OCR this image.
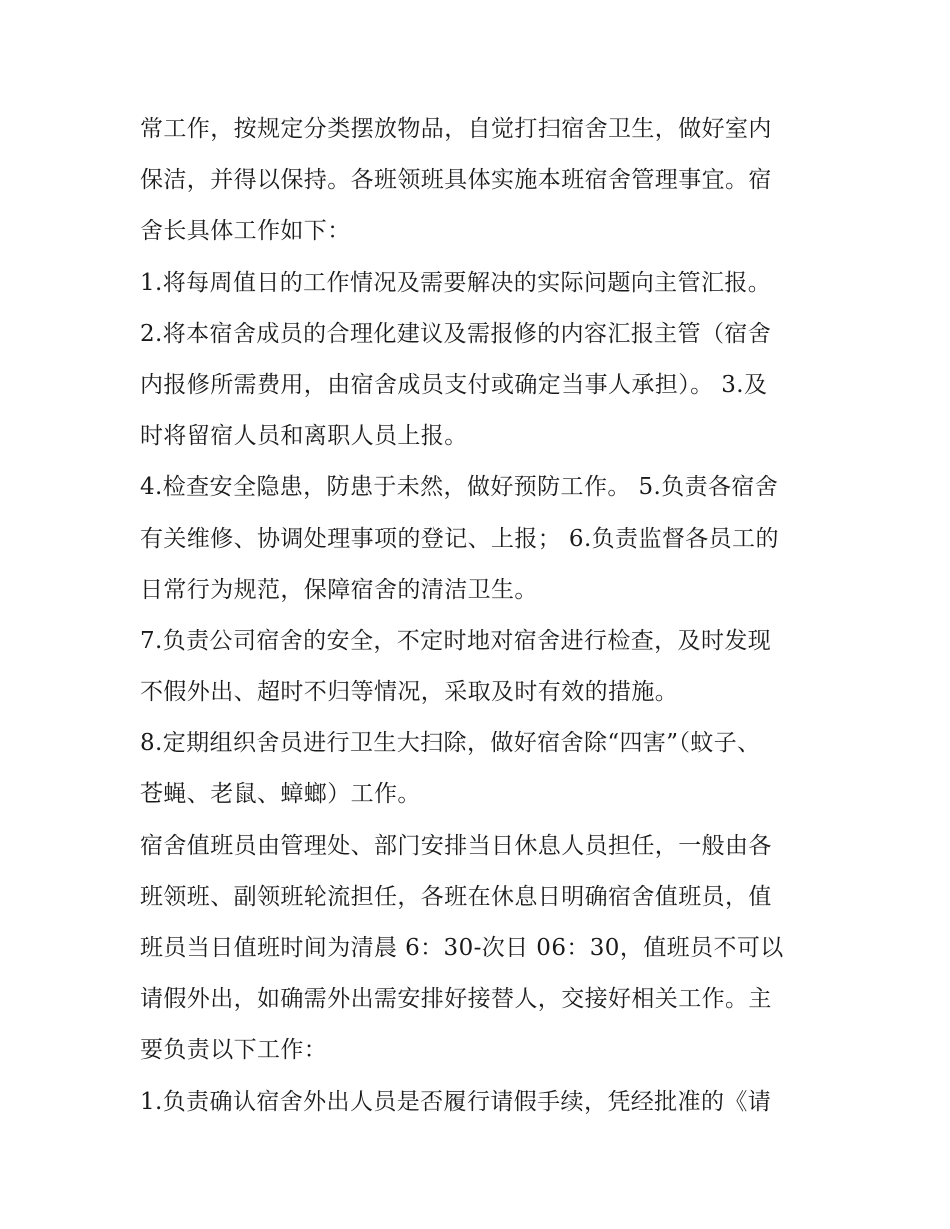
常工作，按规定分类摆放物品，自觉打扫宿舍卫生，做好室内
保洁，并得以保持。各班领班具体实施本班宿舍管理事宜。宿
舍长具体工作如下：
1.将每周值日的工作情况及需要解决的实际问题向主管汇报。
2.将本宿舍成员的合理化建议及需报修的内容汇报主管（宿舍
内报修所需费用，由宿舍成员支付或确定当事人承担）。 3.及
时将留宿人员和离职人员上报。
4.检查安全隐患，防患于未然，做好预防工作。 5.负责各宿舍
有关维修、协调处理事项的登记、上报； 6.负责监督各员工的
日常行为规范，保障宿舍的清洁卫生。
7.负责公司宿舍的安全，不定时地对宿舍进行检查，及时发现
不假外出、超时不归等情况，采取及时有效的措施。
8.定期组织舍员进行卫生大扫除，做好宿舍除“四害”（蚊子、
苍蝇、老鼠、蟑螂）工作。
宿舍值班员由管理处、部门安排当日休息人员担任，一般由各
班领班、副领班轮流担任，各班在休息日明确宿舍值班员，值
班员当日值班时间为清晨 6：30-次日 06：30，值班员不可以
请假外出，如确需外出需安排好接替人，交接好相关工作。主
要负责以下工作：
1.负责确认宿舍外出人员是否履行请假手续，凭经批准的《请
